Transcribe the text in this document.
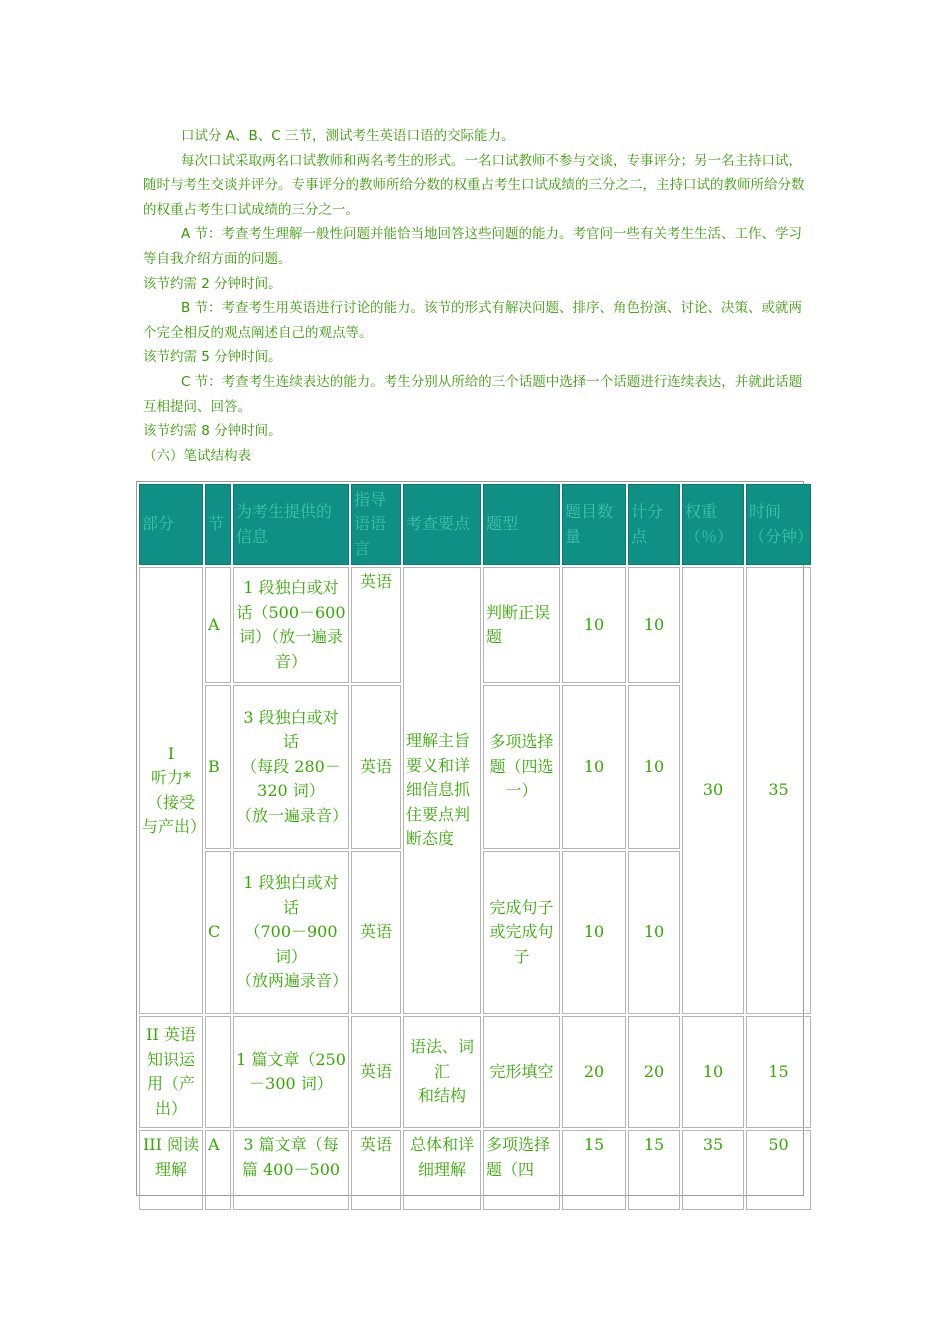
口试分 A、B、C 三节，测试考生英语口语的交际能力。

每次口试采取两名口试教师和两名考生的形式。一名口试教师不参与交谈，专事评分；另一名主持口试，随时与考生交谈并评分。专事评分的教师所给分数的权重占考生口试成绩的三分之二，主持口试的教师所给分数的权重占考生口试成绩的三分之一。

A 节：考查考生理解一般性问题并能恰当地回答这些问题的能力。考官问一些有关考生生活、工作、学习等自我介绍方面的问题。

该节约需 2 分钟时间。

B 节：考查考生用英语进行讨论的能力。该节的形式有解决问题、排序、角色扮演、讨论、决策、或就两个完全相反的观点阐述自己的观点等。

该节约需 5 分钟时间。

C 节：考查考生连续表达的能力。考生分别从所给的三个话题中选择一个话题进行连续表达，并就此话题互相提问、回答。

该节约需 8 分钟时间。

（六）笔试结构表

部分	节	为考生提供的信息	指导语语言	考查要点	题型	题目数量	计分点	权重（％）	时间（分钟）
I
听力*
（接受与产出）	A	1 段独白或对话（500－600 词）（放一遍录音）	英语	理解主旨要义和详细信息抓住要点判断态度	判断正误题	10	10	30	35
	B	3 段独白或对话
（每段 280－320 词）
（放一遍录音）	英语		多项选择题（四选一）	10	10		
	C	1 段独白或对话
（700－900 词）
（放两遍录音）	英语		完成句子或完成句子	10	10		
II 英语知识运用（产出）		1 篇文章（250－300 词）	英语	语法、词汇
和结构	完形填空	20	20	10	15
III 阅读理解	A	3 篇文章（每篇 400－500	英语	总体和详细理解	多项选择题（四	15	15	35	50
